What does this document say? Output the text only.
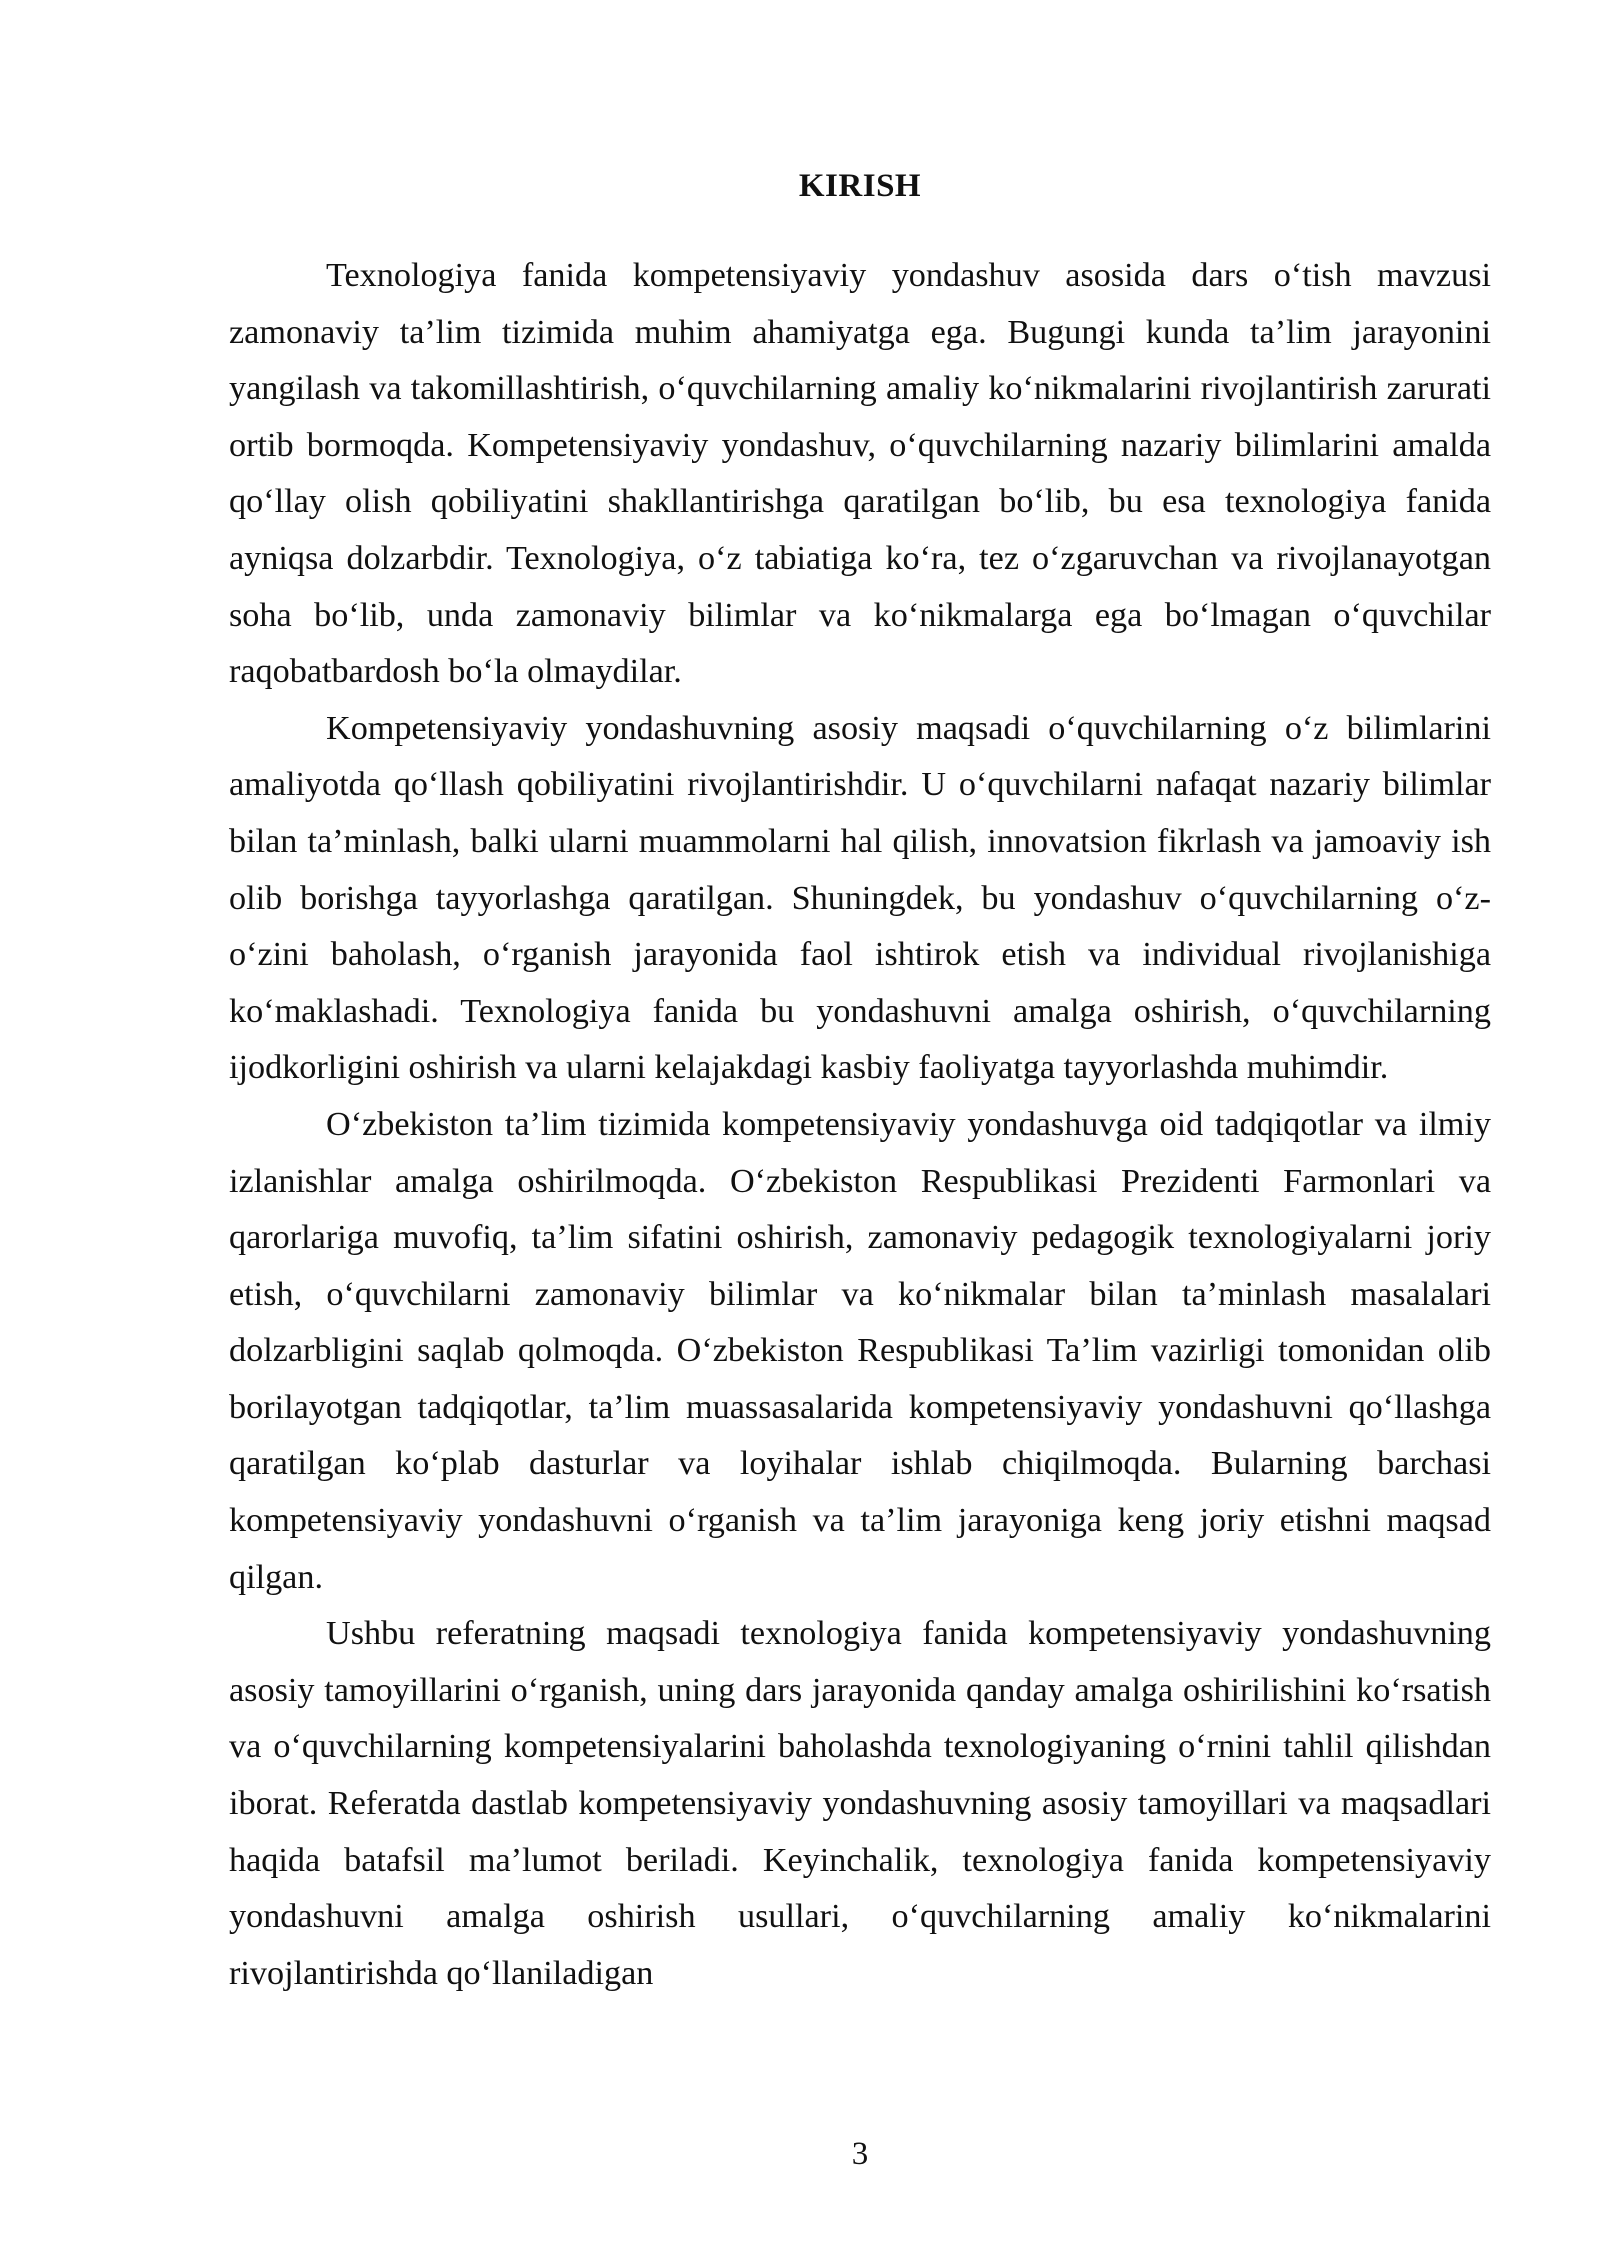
KIRISH

Texnologiya fanida kompetensiyaviy yondashuv asosida dars o‘tish mavzusi zamonaviy ta’lim tizimida muhim ahamiyatga ega. Bugungi kunda ta’lim jarayonini yangilash va takomillashtirish, o‘quvchilarning amaliy ko‘nikmalarini rivojlantirish zarurati ortib bormoqda. Kompetensiyaviy yondashuv, o‘quvchilarning nazariy bilimlarini amalda qo‘llay olish qobiliyatini shakllantirishga qaratilgan bo‘lib, bu esa texnologiya fanida ayniqsa dolzarbdir. Texnologiya, o‘z tabiatiga ko‘ra, tez o‘zgaruvchan va rivojlanayotgan soha bo‘lib, unda zamonaviy bilimlar va ko‘nikmalarga ega bo‘lmagan o‘quvchilar raqobatbardosh bo‘la olmaydilar.

Kompetensiyaviy yondashuvning asosiy maqsadi o‘quvchilarning o‘z bilimlarini amaliyotda qo‘llash qobiliyatini rivojlantirishdir. U o‘quvchilarni nafaqat nazariy bilimlar bilan ta’minlash, balki ularni muammolarni hal qilish, innovatsion fikrlash va jamoaviy ish olib borishga tayyorlashga qaratilgan. Shuningdek, bu yondashuv o‘quvchilarning o‘z-o‘zini baholash, o‘rganish jarayonida faol ishtirok etish va individual rivojlanishiga ko‘maklashadi. Texnologiya fanida bu yondashuvni amalga oshirish, o‘quvchilarning ijodkorligini oshirish va ularni kelajakdagi kasbiy faoliyatga tayyorlashda muhimdir.

O‘zbekiston ta’lim tizimida kompetensiyaviy yondashuvga oid tadqiqotlar va ilmiy izlanishlar amalga oshirilmoqda. O‘zbekiston Respublikasi Prezidenti Farmonlari va qarorlariga muvofiq, ta’lim sifatini oshirish, zamonaviy pedagogik texnologiyalarni joriy etish, o‘quvchilarni zamonaviy bilimlar va ko‘nikmalar bilan ta’minlash masalalari dolzarbligini saqlab qolmoqda. O‘zbekiston Respublikasi Ta’lim vazirligi tomonidan olib borilayotgan tadqiqotlar, ta’lim muassasalarida kompetensiyaviy yondashuvni qo‘llashga qaratilgan ko‘plab dasturlar va loyihalar ishlab chiqilmoqda. Bularning barchasi kompetensiyaviy yondashuvni o‘rganish va ta’lim jarayoniga keng joriy etishni maqsad qilgan.

Ushbu referatning maqsadi texnologiya fanida kompetensiyaviy yondashuvning asosiy tamoyillarini o‘rganish, uning dars jarayonida qanday amalga oshirilishini ko‘rsatish va o‘quvchilarning kompetensiyalarini baholashda texnologiyaning o‘rnini tahlil qilishdan iborat. Referatda dastlab kompetensiyaviy yondashuvning asosiy tamoyillari va maqsadlari haqida batafsil ma’lumot beriladi. Keyinchalik, texnologiya fanida kompetensiyaviy yondashuvni amalga oshirish usullari, o‘quvchilarning amaliy ko‘nikmalarini rivojlantirishda qo‘llaniladigan

3
